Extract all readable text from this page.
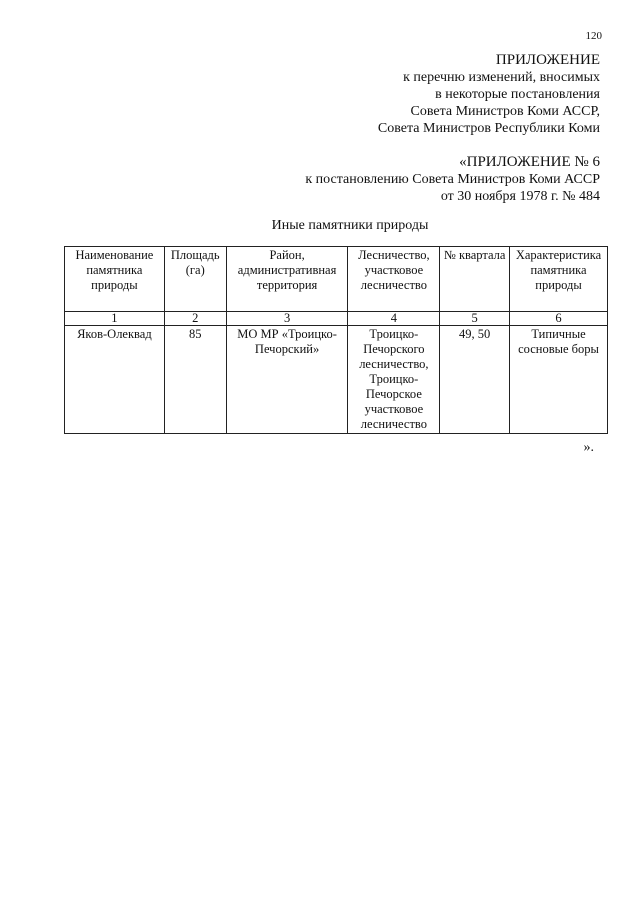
120
ПРИЛОЖЕНИЕ
к перечню изменений, вносимых
в некоторые постановления
Совета Министров Коми АССР,
Совета Министров Республики Коми
«ПРИЛОЖЕНИЕ № 6
к постановлению Совета Министров Коми АССР
от 30 ноября 1978 г. № 484
Иные памятники природы
Наименование памятника природы	Площадь (га)	Район, административная территория	Лесничество, участковое лесничество	№ квартала	Характеристика памятника природы
1	2	3	4	5	6
Яков-Олеквад	85	МО МР «Троицко-Печорский»	Троицко-Печорского лесничество, Троицко-Печорское участковое лесничество	49, 50	Типичные сосновые боры
».
